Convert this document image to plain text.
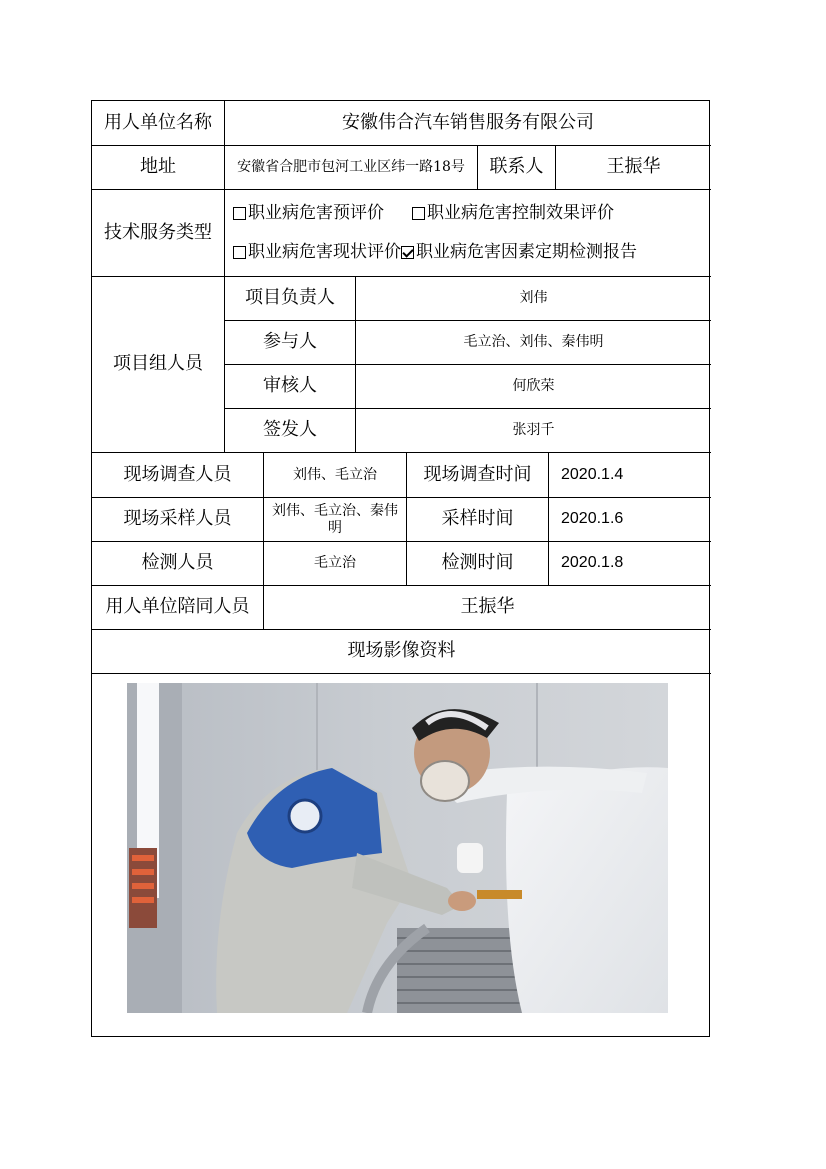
用人单位名称	安徽伟合汽车销售服务有限公司
地址	安徽省合肥市包河工业区纬一路18号	联系人	王振华
技术服务类型
职业病危害预评价	职业病危害控制效果评价
职业病危害现状评价 职业病危害因素定期检测报告
项目组人员
项目负责人	刘伟
参与人	毛立治、刘伟、秦伟明
审核人	何欣荣
签发人	张羽千
现场调查人员	刘伟、毛立治	现场调查时间	2020.1.4
现场采样人员	刘伟、毛立治、秦伟明	采样时间	2020.1.6
检测人员	毛立治	检测时间	2020.1.8
用人单位陪同人员	王振华
现场影像资料
